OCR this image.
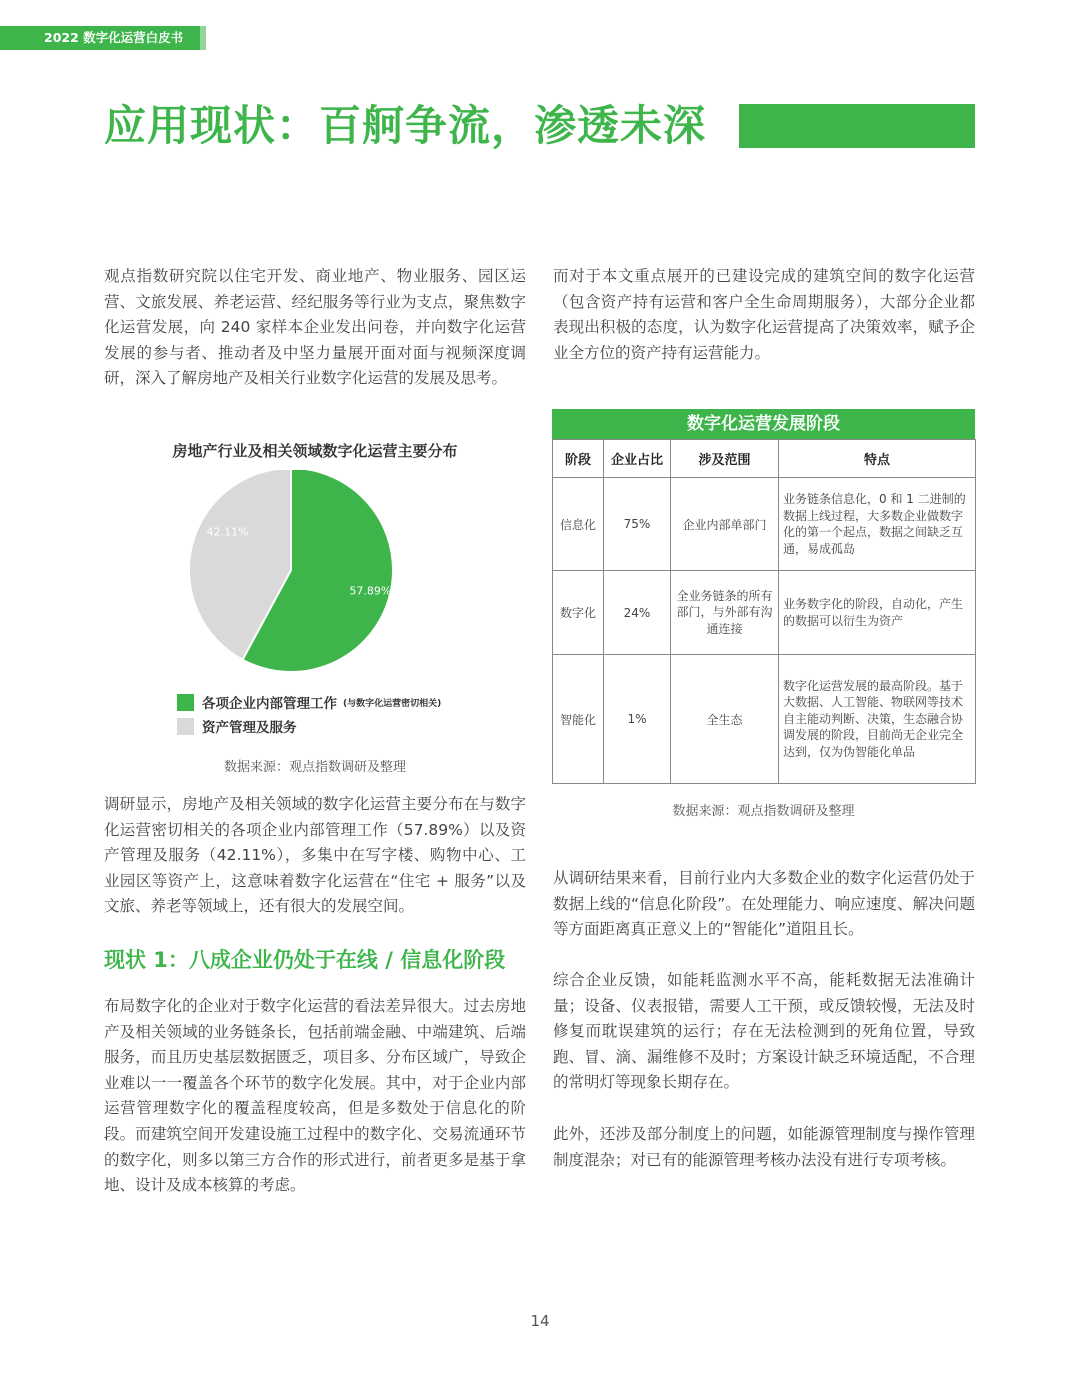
2022 数字化运营白皮书
应用现状：百舸争流，渗透未深

观点指数研究院以住宅开发、商业地产、物业服务、园区运营、文旅发展、养老运营、经纪服务等行业为支点，聚焦数字化运营发展，向 240 家样本企业发出问卷，并向数字化运营发展的参与者、推动者及中坚力量展开面对面与视频深度调研，深入了解房地产及相关行业数字化运营的发展及思考。

而对于本文重点展开的已建设完成的建筑空间的数字化运营（包含资产持有运营和客户全生命周期服务），大部分企业都表现出积极的态度，认为数字化运营提高了决策效率，赋予企业全方位的资产持有运营能力。

房地产行业及相关领域数字化运营主要分布
57.89%
42.11%
各项企业内部管理工作 (与数字化运营密切相关)
资产管理及服务
数据来源：观点指数调研及整理

调研显示，房地产及相关领域的数字化运营主要分布在与数字化运营密切相关的各项企业内部管理工作（57.89%）以及资产管理及服务（42.11%），多集中在写字楼、购物中心、工业园区等资产上，这意味着数字化运营在“住宅 + 服务”以及文旅、养老等领域上，还有很大的发展空间。

现状 1：八成企业仍处于在线 / 信息化阶段

布局数字化的企业对于数字化运营的看法差异很大。过去房地产及相关领域的业务链条长，包括前端金融、中端建筑、后端服务，而且历史基层数据匮乏，项目多、分布区域广，导致企业难以一一覆盖各个环节的数字化发展。其中，对于企业内部运营管理数字化的覆盖程度较高，但是多数处于信息化的阶段。而建筑空间开发建设施工过程中的数字化、交易流通环节的数字化，则多以第三方合作的形式进行，前者更多是基于拿地、设计及成本核算的考虑。

数字化运营发展阶段
阶段	企业占比	涉及范围	特点
信息化	75%	企业内部单部门	业务链条信息化，0 和 1 二进制的数据上线过程，大多数企业做数字化的第一个起点，数据之间缺乏互通，易成孤岛
数字化	24%	全业务链条的所有部门，与外部有沟通连接	业务数字化的阶段，自动化，产生的数据可以衍生为资产
智能化	1%	全生态	数字化运营发展的最高阶段。基于大数据、人工智能、物联网等技术自主能动判断、决策，生态融合协调发展的阶段，目前尚无企业完全达到，仅为伪智能化单品
数据来源：观点指数调研及整理

从调研结果来看，目前行业内大多数企业的数字化运营仍处于数据上线的“信息化阶段”。在处理能力、响应速度、解决问题等方面距离真正意义上的“智能化”道阻且长。

综合企业反馈，如能耗监测水平不高，能耗数据无法准确计量；设备、仪表报错，需要人工干预，或反馈较慢，无法及时修复而耽误建筑的运行；存在无法检测到的死角位置，导致跑、冒、滴、漏维修不及时；方案设计缺乏环境适配，不合理的常明灯等现象长期存在。

此外，还涉及部分制度上的问题，如能源管理制度与操作管理制度混杂；对已有的能源管理考核办法没有进行专项考核。

14
